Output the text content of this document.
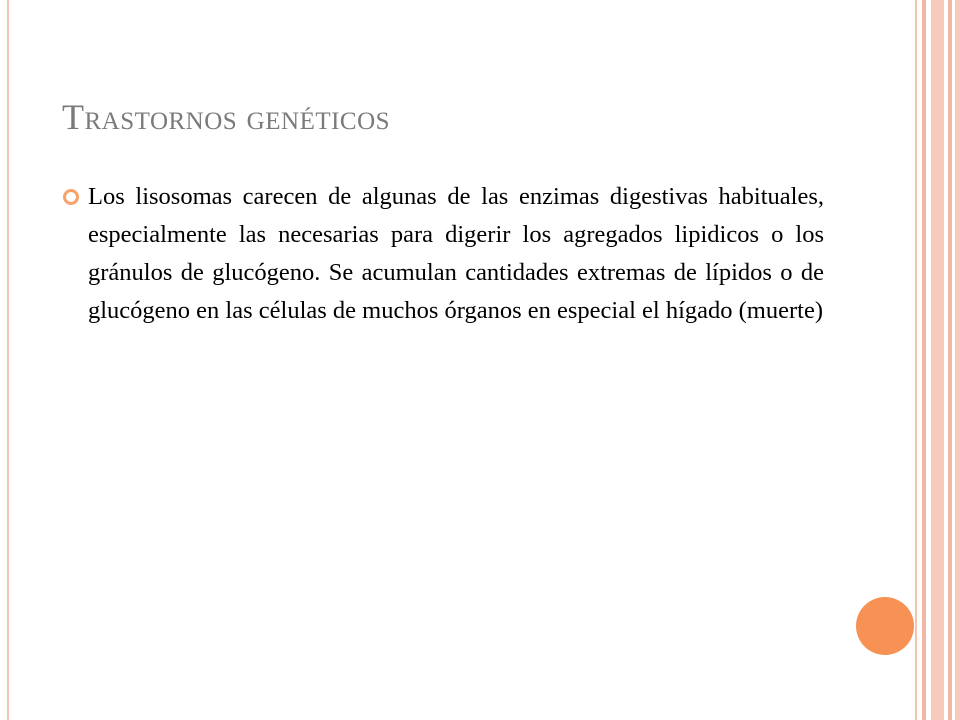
Trastornos genéticos

Los lisosomas carecen de algunas de las enzimas digestivas habituales, especialmente las necesarias para digerir los agregados lipidicos o los gránulos de glucógeno. Se acumulan cantidades extremas de lípidos o de glucógeno en las células de muchos órganos en especial el hígado (muerte)
